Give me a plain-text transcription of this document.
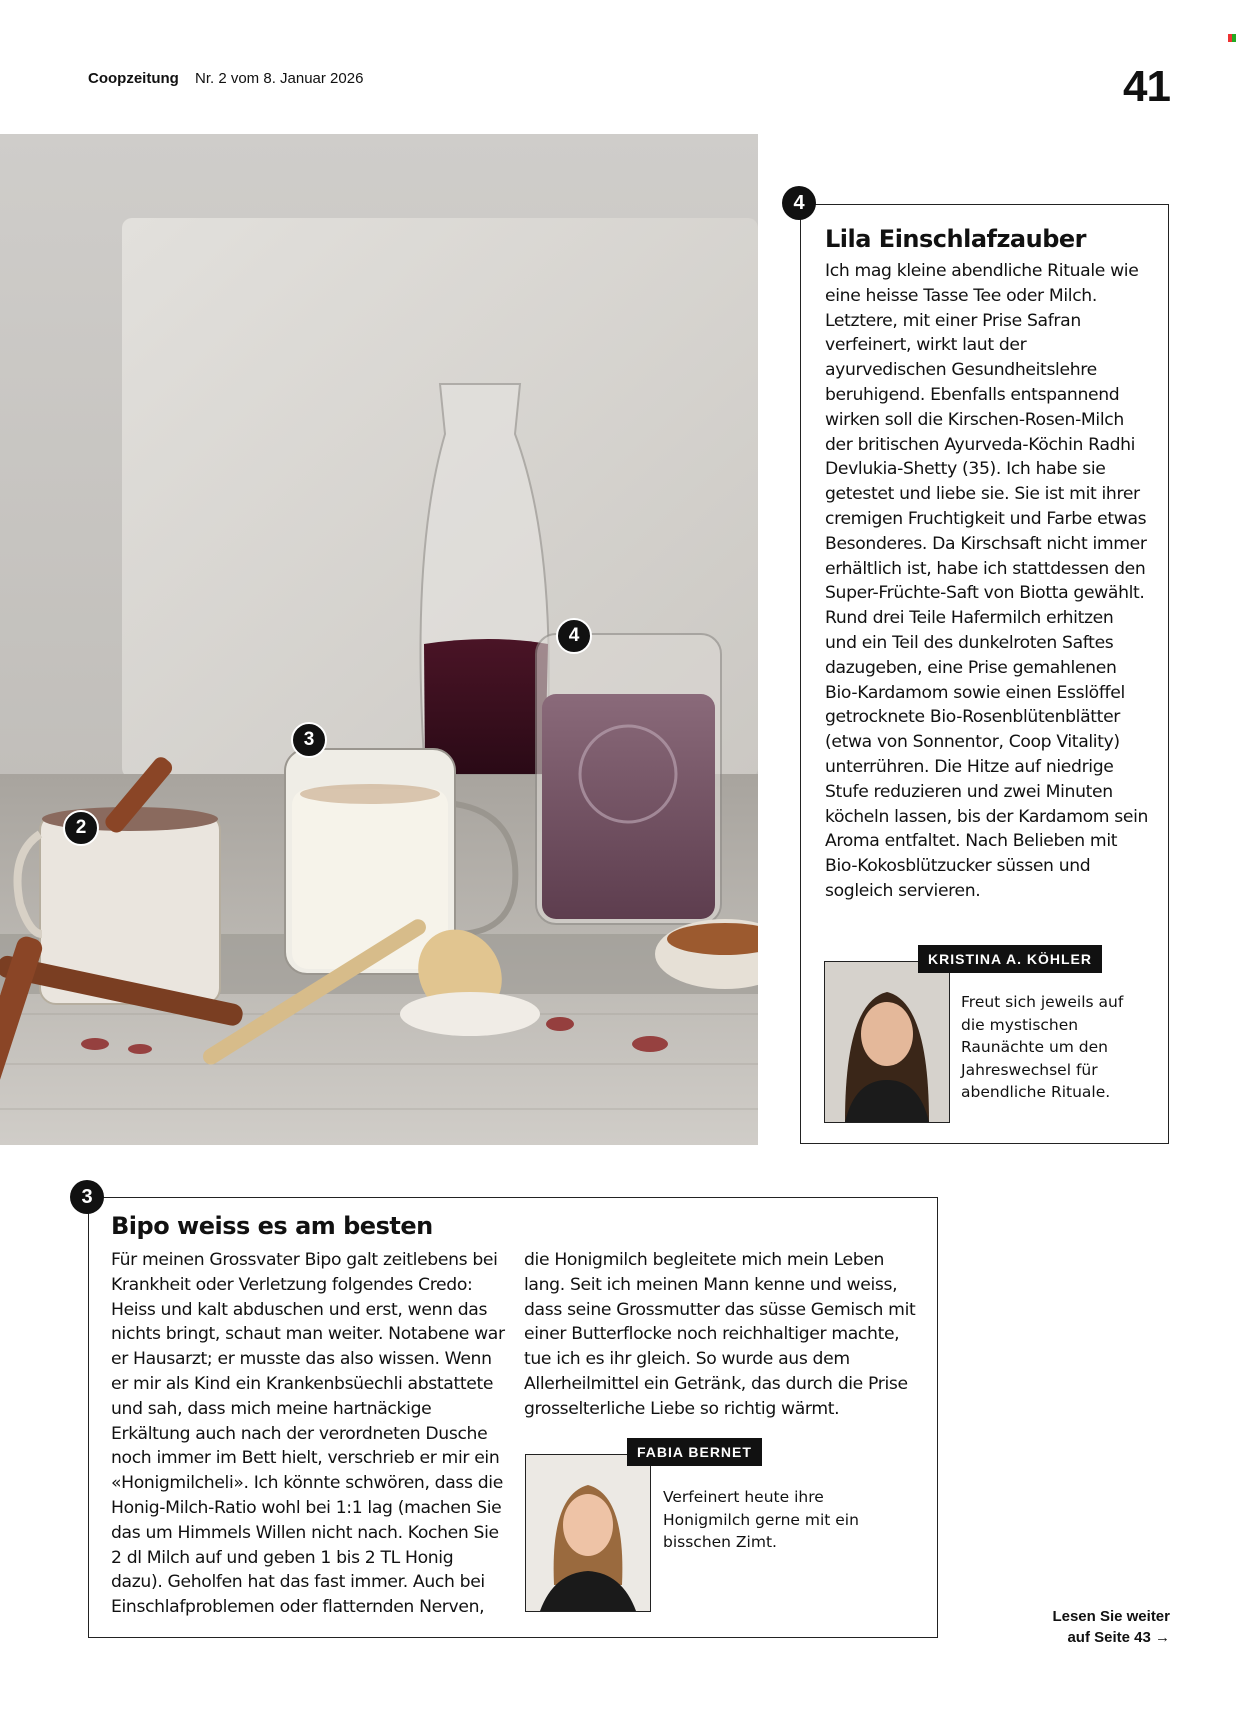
Coopzeitung Nr. 2 vom 8. Januar 2026	41
2
3
4
Lila Einschlafzauber
Ich mag kleine abendliche Rituale wie eine heisse Tasse Tee oder Milch. Letztere, mit einer Prise Safran verfeinert, wirkt laut der ayurvedischen Gesundheitslehre beruhigend. Ebenfalls entspannend wirken soll die Kirschen-Rosen-Milch der britischen Ayurveda-Köchin Radhi Devlukia-Shetty (35). Ich habe sie getestet und liebe sie. Sie ist mit ihrer cremigen Fruchtigkeit und Farbe etwas Besonderes. Da Kirschsaft nicht immer erhältlich ist, habe ich stattdessen den Super-Früchte-Saft von Biotta gewählt. Rund drei Teile Hafermilch erhitzen und ein Teil des dunkelroten Saftes dazugeben, eine Prise gemahlenen Bio-Kardamom sowie einen Esslöffel getrocknete Bio-Rosenblütenblätter (etwa von Sonnentor, Coop Vitality) unterrühren. Die Hitze auf niedrige Stufe reduzieren und zwei Minuten köcheln lassen, bis der Kardamom sein Aroma entfaltet. Nach Belieben mit Bio-Kokosblützucker süssen und sogleich servieren.
KRISTINA A. KÖHLER
Freut sich jeweils auf die mystischen Raunächte um den Jahreswechsel für abendliche Rituale.
4
Bipo weiss es am besten
Für meinen Grossvater Bipo galt zeitlebens bei Krankheit oder Verletzung folgendes Credo: Heiss und kalt abduschen und erst, wenn das nichts bringt, schaut man weiter. Notabene war er Hausarzt; er musste das also wissen. Wenn er mir als Kind ein Krankenbsüechli abstattete und sah, dass mich meine hartnäckige Erkältung auch nach der verordneten Dusche noch immer im Bett hielt, verschrieb er mir ein «Honigmilcheli». Ich könnte schwören, dass die Honig-Milch-Ratio wohl bei 1:1 lag (machen Sie das um Himmels Willen nicht nach. Kochen Sie 2 dl Milch auf und geben 1 bis 2 TL Honig dazu). Geholfen hat das fast immer. Auch bei Einschlafproblemen oder flatternden Nerven,
die Honigmilch begleitete mich mein Leben lang. Seit ich meinen Mann kenne und weiss, dass seine Grossmutter das süsse Gemisch mit einer Butterflocke noch reichhaltiger machte, tue ich es ihr gleich. So wurde aus dem Allerheilmittel ein Getränk, das durch die Prise grosselterliche Liebe so richtig wärmt.
FABIA BERNET
Verfeinert heute ihre Honigmilch gerne mit ein bisschen Zimt.
3
Lesen Sie weiter
auf Seite 43 →
